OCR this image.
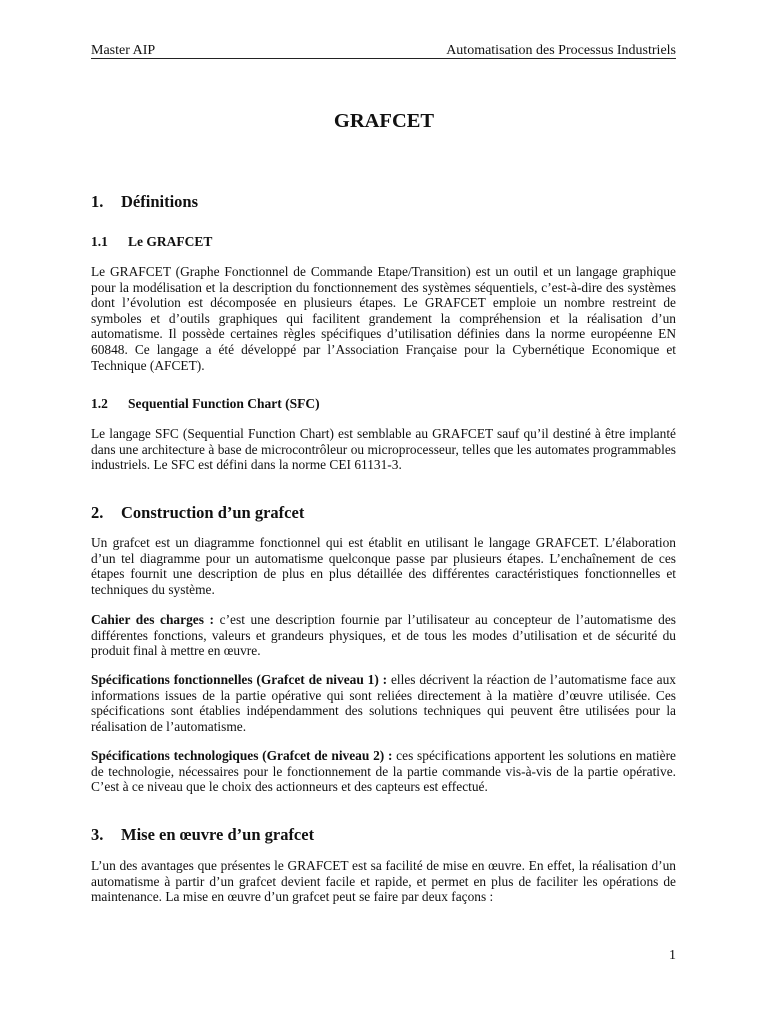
Master AIP	Automatisation des Processus Industriels
GRAFCET
1. Définitions
1.1 Le GRAFCET

Le GRAFCET (Graphe Fonctionnel de Commande Etape/Transition) est un outil et un langage graphique pour la modélisation et la description du fonctionnement des systèmes séquentiels, c’est-à-dire des systèmes dont l’évolution est décomposée en plusieurs étapes. Le GRAFCET emploie un nombre restreint de symboles et d’outils graphiques qui facilitent grandement la compréhension et la réalisation d’un automatisme. Il possède certaines règles spécifiques d’utilisation définies dans la norme européenne EN 60848. Ce langage a été développé par l’Association Française pour la Cybernétique Economique et Technique (AFCET).

1.2 Sequential Function Chart (SFC)

Le langage SFC (Sequential Function Chart) est semblable au GRAFCET sauf qu’il destiné à être implanté dans une architecture à base de microcontrôleur ou microprocesseur, telles que les automates programmables industriels. Le SFC est défini dans la norme CEI 61131-3.

2. Construction d’un grafcet

Un grafcet est un diagramme fonctionnel qui est établit en utilisant le langage GRAFCET. L’élaboration d’un tel diagramme pour un automatisme quelconque passe par plusieurs étapes. L’enchaînement de ces étapes fournit une description de plus en plus détaillée des différentes caractéristiques fonctionnelles et techniques du système.

Cahier des charges : c’est une description fournie par l’utilisateur au concepteur de l’automatisme des différentes fonctions, valeurs et grandeurs physiques, et de tous les modes d’utilisation et de sécurité du produit final à mettre en œuvre.

Spécifications fonctionnelles (Grafcet de niveau 1) : elles décrivent la réaction de l’automatisme face aux informations issues de la partie opérative qui sont reliées directement à la matière d’œuvre utilisée. Ces spécifications sont établies indépendamment des solutions techniques qui peuvent être utilisées pour la réalisation de l’automatisme.

Spécifications technologiques (Grafcet de niveau 2) : ces spécifications apportent les solutions en matière de technologie, nécessaires pour le fonctionnement de la partie commande vis-à-vis de la partie opérative. C’est à ce niveau que le choix des actionneurs et des capteurs est effectué.

3. Mise en œuvre d’un grafcet

L’un des avantages que présentes le GRAFCET est sa facilité de mise en œuvre. En effet, la réalisation d’un automatisme à partir d’un grafcet devient facile et rapide, et permet en plus de faciliter les opérations de maintenance. La mise en œuvre d’un grafcet peut se faire par deux façons :

1
